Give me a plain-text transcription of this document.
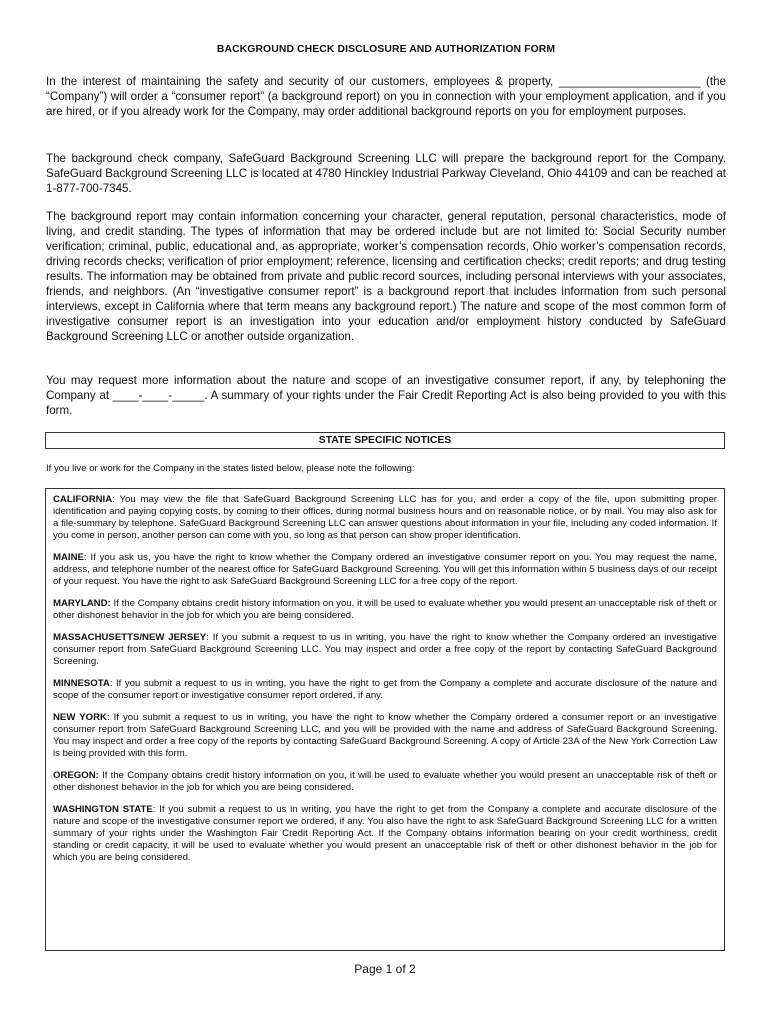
BACKGROUND CHECK DISCLOSURE AND AUTHORIZATION FORM

In the interest of maintaining the safety and security of our customers, employees & property, ______________________ (the “Company”) will order a “consumer report” (a background report) on you in connection with your employment application, and if you are hired, or if you already work for the Company, may order additional background reports on you for employment purposes.

The background check company, SafeGuard Background Screening LLC will prepare the background report for the Company. SafeGuard Background Screening LLC is located at 4780 Hinckley Industrial Parkway Cleveland, Ohio 44109 and can be reached at 1-877-700-7345.

The background report may contain information concerning your character, general reputation, personal characteristics, mode of living, and credit standing. The types of information that may be ordered include but are not limited to: Social Security number verification; criminal, public, educational and, as appropriate, worker’s compensation records, Ohio worker’s compensation records, driving records checks; verification of prior employment; reference, licensing and certification checks; credit reports; and drug testing results. The information may be obtained from private and public record sources, including personal interviews with your associates, friends, and neighbors. (An “investigative consumer report” is a background report that includes information from such personal interviews, except in California where that term means any background report.) The nature and scope of the most common form of investigative consumer report is an investigation into your education and/or employment history conducted by SafeGuard Background Screening LLC or another outside organization.

You may request more information about the nature and scope of an investigative consumer report, if any, by telephoning the Company at ____-____-_____. A summary of your rights under the Fair Credit Reporting Act is also being provided to you with this form.

STATE SPECIFIC NOTICES
If you live or work for the Company in the states listed below, please note the following:

CALIFORNIA: You may view the file that SafeGuard Background Screening LLC has for you, and order a copy of the file, upon submitting proper identification and paying copying costs, by coming to their offices, during normal business hours and on reasonable notice, or by mail. You may also ask for a file-summary by telephone. SafeGuard Background Screening LLC can answer questions about information in your file, including any coded information. If you come in person, another person can come with you, so long as that person can show proper identification.

MAINE: If you ask us, you have the right to know whether the Company ordered an investigative consumer report on you. You may request the name, address, and telephone number of the nearest office for SafeGuard Background Screening. You will get this information within 5 business days of our receipt of your request. You have the right to ask SafeGuard Background Screening LLC for a free copy of the report.

MARYLAND: If the Company obtains credit history information on you, it will be used to evaluate whether you would present an unacceptable risk of theft or other dishonest behavior in the job for which you are being considered.

MASSACHUSETTS/NEW JERSEY: If you submit a request to us in writing, you have the right to know whether the Company ordered an investigative consumer report from SafeGuard Background Screening LLC. You may inspect and order a free copy of the report by contacting SafeGuard Background Screening.

MINNESOTA: If you submit a request to us in writing, you have the right to get from the Company a complete and accurate disclosure of the nature and scope of the consumer report or investigative consumer report ordered, if any.

NEW YORK: If you submit a request to us in writing, you have the right to know whether the Company ordered a consumer report or an investigative consumer report from SafeGuard Background Screening LLC, and you will be provided with the name and address of SafeGuard Background Screening. You may inspect and order a free copy of the reports by contacting SafeGuard Background Screening. A copy of Article 23A of the New York Correction Law is being provided with this form.

OREGON: If the Company obtains credit history information on you, it will be used to evaluate whether you would present an unacceptable risk of theft or other dishonest behavior in the job for which you are being considered.

WASHINGTON STATE: If you submit a request to us in writing, you have the right to get from the Company a complete and accurate disclosure of the nature and scope of the investigative consumer report we ordered, if any. You also have the right to ask SafeGuard Background Screening LLC for a written summary of your rights under the Washington Fair Credit Reporting Act. If the Company obtains information bearing on your credit worthiness, credit standing or credit capacity, it will be used to evaluate whether you would present an unacceptable risk of theft or other dishonest behavior in the job for which you are being considered.

Page 1 of 2
